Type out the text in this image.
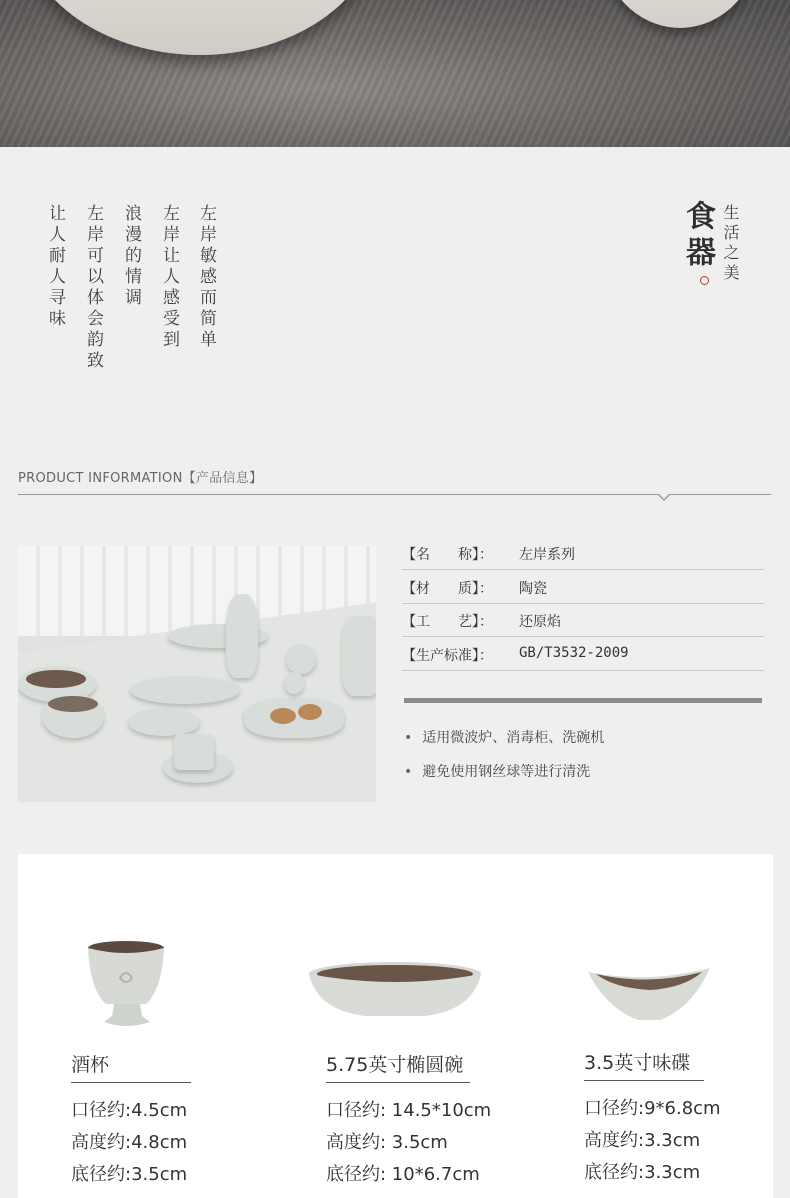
让人耐人寻味 左岸可以体会韵致 浪漫的情调 左岸让人感受到 左岸敏感而简单	食器 生活之美
PRODUCT INFORMATION【产品信息】
【名　　称】： 左岸系列
【材　　质】： 陶瓷
【工　　艺】： 还原焰
【生产标准】： GB/T3532-2009
• 适用微波炉、消毒柜、洗碗机
• 避免使用钢丝球等进行清洗
酒杯
口径约:4.5cm
高度约:4.8cm
底径约:3.5cm
5.75英寸椭圆碗
口径约: 14.5*10cm
高度约: 3.5cm
底径约: 10*6.7cm
3.5英寸味碟
口径约:9*6.8cm
高度约:3.3cm
底径约:3.3cm
